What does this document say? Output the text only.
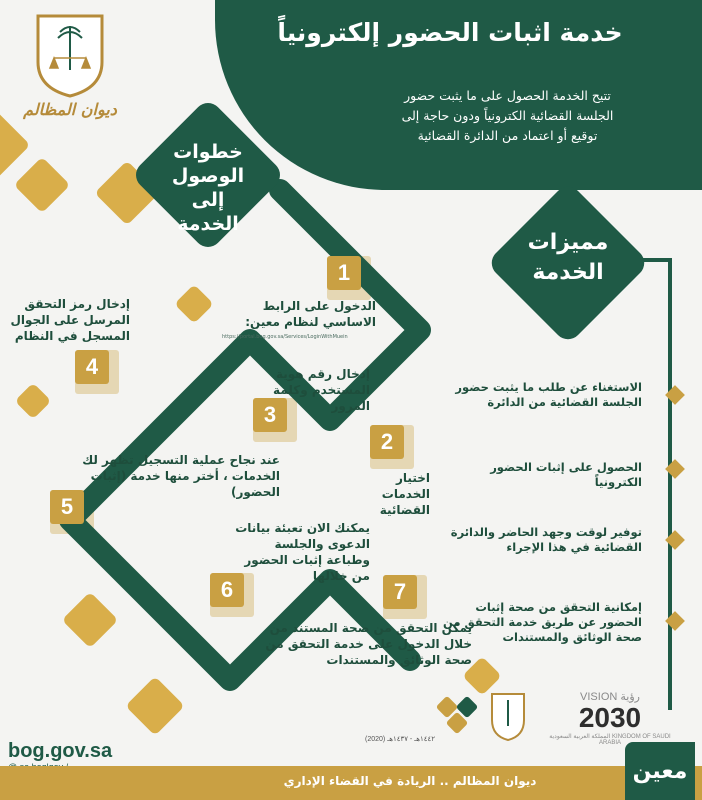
ديوان المظالم
خدمة اثبات الحضور إلكترونياً
تتيح الخدمة الحصول على ما يثبت حضور الجلسة القضائية الكترونياً ودون حاجة إلى توقيع أو اعتماد من الدائرة القضائية
خطوات الوصول إلى الخدمة
مميزات الخدمة
1
2
3
4
5
6	7
الدخول على الرابط الاساسي لنظام معين:
https://portal.bog.gov.sa/Services/LoginWithMuein
إدخال رقم هوية المستخدم وكلمة المرور
اختيار الخدمات القضائية
إدخال رمز التحقق المرسل على الجوال المسجل في النظام
عند نجاح عملية التسجيل تظهر لك الخدمات ، أختر منها خدمة (إثبات الحضور)
يمكنك الان تعبئة بيانات الدعوى والجلسة وطباعة إثبات الحضور من خلالها
يمكن التحقق من صحة المستند من خلال الدخول على خدمة التحقق من صحة الوثائق والمستندات
الاستغناء عن طلب ما يثبت حضور الجلسة القضائية من الدائرة
الحصول على إثبات الحضور الكترونياً
توفير لوقت وجهد الحاضر والدائرة القضائية في هذا الإجراء
إمكانية التحقق من صحة إثبات الحضور عن طريق خدمة التحقق من صحة الوثائق والمستندات
VISION رؤية
2030
المملكة العربية السعودية KINGDOM OF SAUDI ARABIA
(2020) ١٤٤٢هـ - ١٤٣٧هـ
bog.gov.sa
ديوان المظالم .. الريادة في القضاء الإداري	معين
